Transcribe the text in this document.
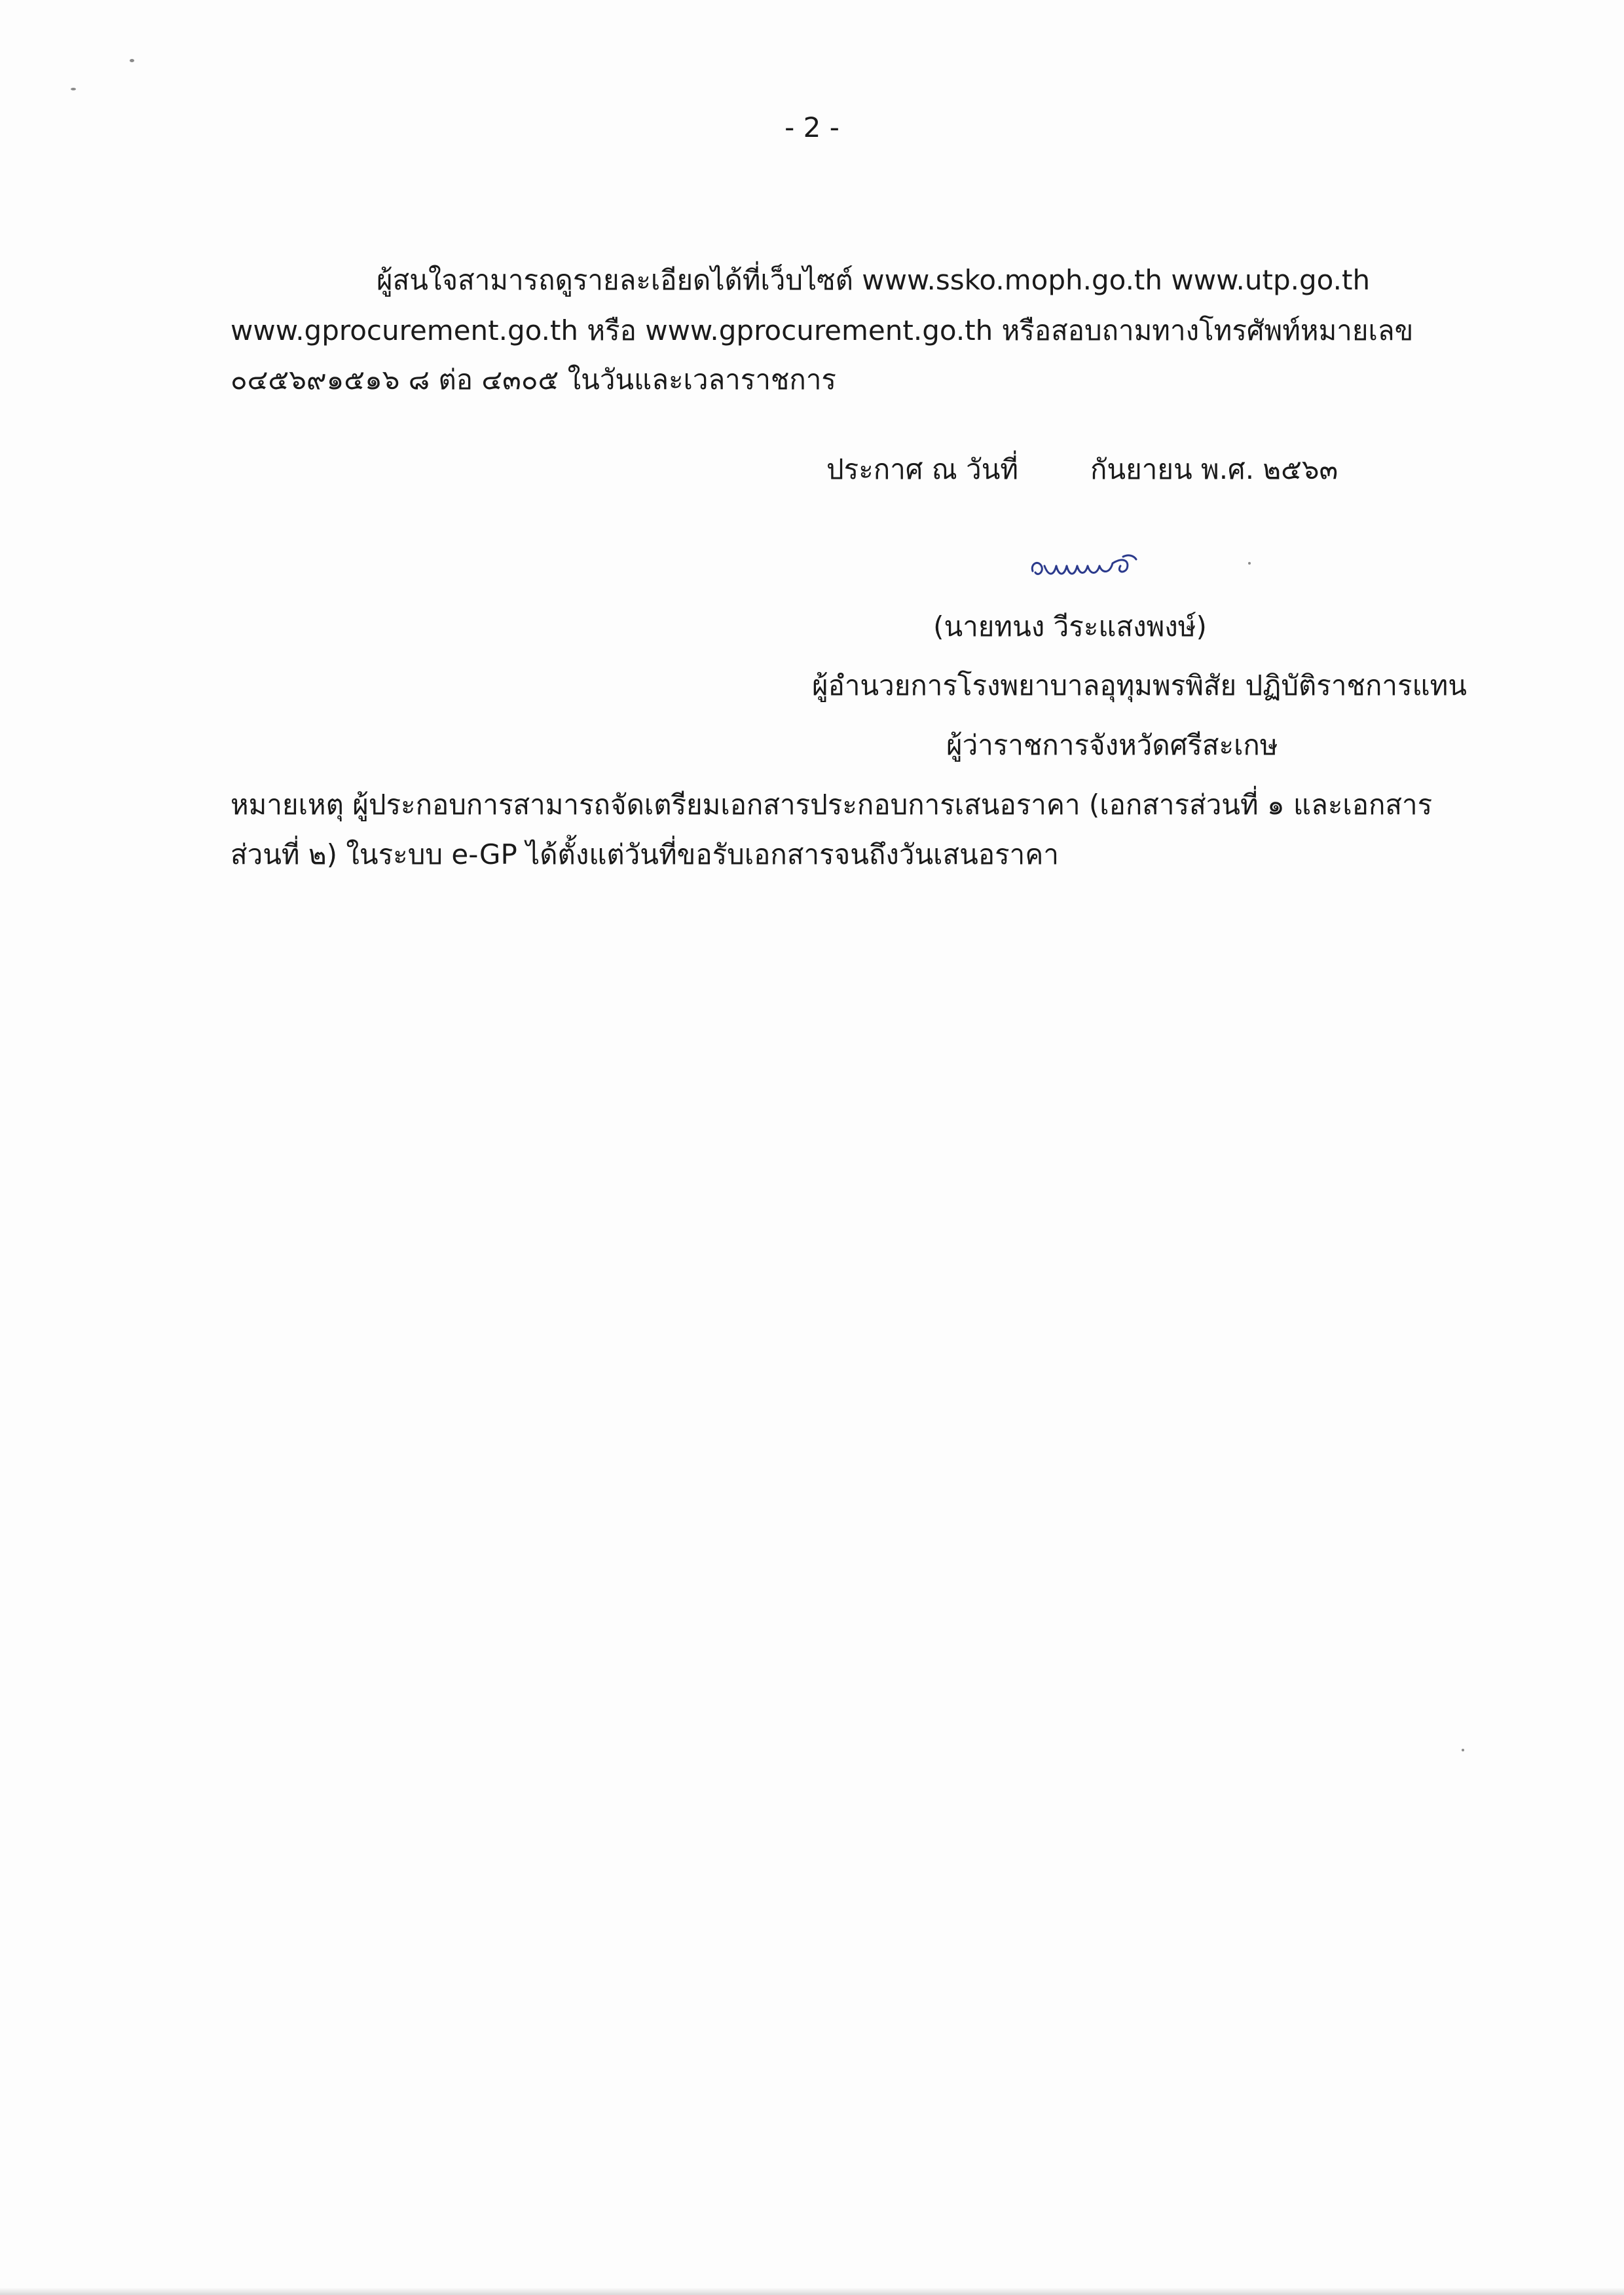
- 2 -
ผู้สนใจสามารถดูรายละเอียดได้ที่เว็บไซต์ www.ssko.moph.go.th www.utp.go.th
www.gprocurement.go.th หรือ www.gprocurement.go.th หรือสอบถามทางโทรศัพท์หมายเลข
๐๔๕๖๙๑๕๑๖ ๘ ต่อ ๔๓๐๕ ในวันและเวลาราชการ
ประกาศ ณ วันที่	กันยายน พ.ศ. ๒๕๖๓
(นายทนง วีระแสงพงษ์)
ผู้อำนวยการโรงพยาบาลอุทุมพรพิสัย ปฏิบัติราชการแทน
ผู้ว่าราชการจังหวัดศรีสะเกษ
หมายเหตุ ผู้ประกอบการสามารถจัดเตรียมเอกสารประกอบการเสนอราคา (เอกสารส่วนที่ ๑ และเอกสาร
ส่วนที่ ๒) ในระบบ e-GP ได้ตั้งแต่วันที่ขอรับเอกสารจนถึงวันเสนอราคา
